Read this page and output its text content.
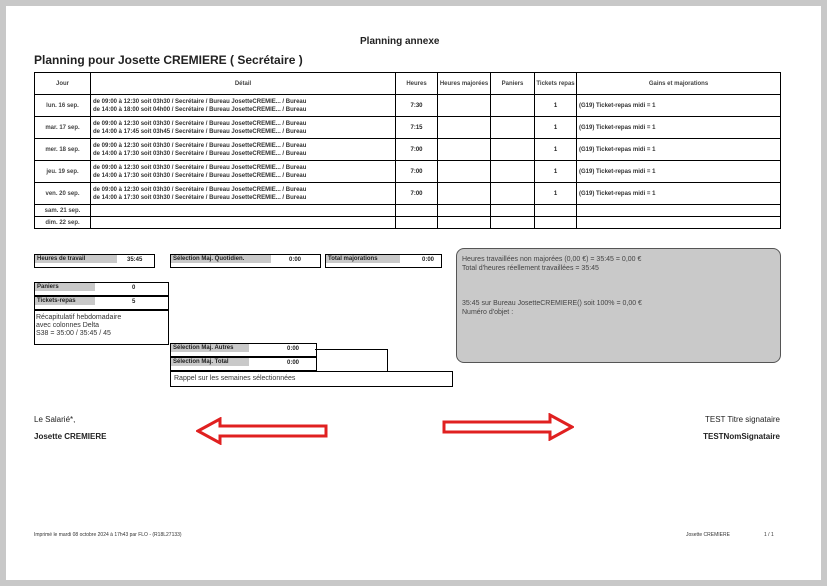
Planning annexe
Planning pour Josette CREMIERE ( Secrétaire )
Jour	Détail	Heures	Heures majorées	Paniers	Tickets repas	Gains et majorations
lun. 16 sep.	de 09:00 à 12:30 soit 03h30 / Secrétaire / Bureau JosetteCREMIE... / Bureau
de 14:00 à 18:00 soit 04h00 / Secrétaire / Bureau JosetteCREMIE... / Bureau	7:30			1	(G19) Ticket-repas midi = 1
mar. 17 sep.	de 09:00 à 12:30 soit 03h30 / Secrétaire / Bureau JosetteCREMIE... / Bureau
de 14:00 à 17:45 soit 03h45 / Secrétaire / Bureau JosetteCREMIE... / Bureau	7:15			1	(G19) Ticket-repas midi = 1
mer. 18 sep.	de 09:00 à 12:30 soit 03h30 / Secrétaire / Bureau JosetteCREMIE... / Bureau
de 14:00 à 17:30 soit 03h30 / Secrétaire / Bureau JosetteCREMIE... / Bureau	7:00			1	(G19) Ticket-repas midi = 1
jeu. 19 sep.	de 09:00 à 12:30 soit 03h30 / Secrétaire / Bureau JosetteCREMIE... / Bureau
de 14:00 à 17:30 soit 03h30 / Secrétaire / Bureau JosetteCREMIE... / Bureau	7:00			1	(G19) Ticket-repas midi = 1
ven. 20 sep.	de 09:00 à 12:30 soit 03h30 / Secrétaire / Bureau JosetteCREMIE... / Bureau
de 14:00 à 17:30 soit 03h30 / Secrétaire / Bureau JosetteCREMIE... / Bureau	7:00			1	(G19) Ticket-repas midi = 1
sam. 21 sep.						
dim. 22 sep.						
Heures de travail	35:45	Sélection Maj. Quotidien.	0:00	Total majorations	0:00
Paniers	0
Tickets-repas	5
Récapitulatif hebdomadaire
avec colonnes Delta
S38 = 35:00 / 35:45 / 45
Sélection Maj. Autres	0:00
Sélection Maj. Total	0:00
Rappel sur les semaines sélectionnées
Heures travaillées non majorées (0,00 €) = 35:45 = 0,00 €
Total d'heures réellement travaillées = 35:45
35:45 sur Bureau JosetteCREMIERE() soit 100% = 0,00 €
Numéro d'objet :
Le Salarié*,
Josette CREMIERE
TEST Titre signataire
TESTNomSignataire
Imprimé le mardi 08 octobre 2024 à 17h43 par FLO - (R18L27133)	Josette CREMIERE	1 / 1
